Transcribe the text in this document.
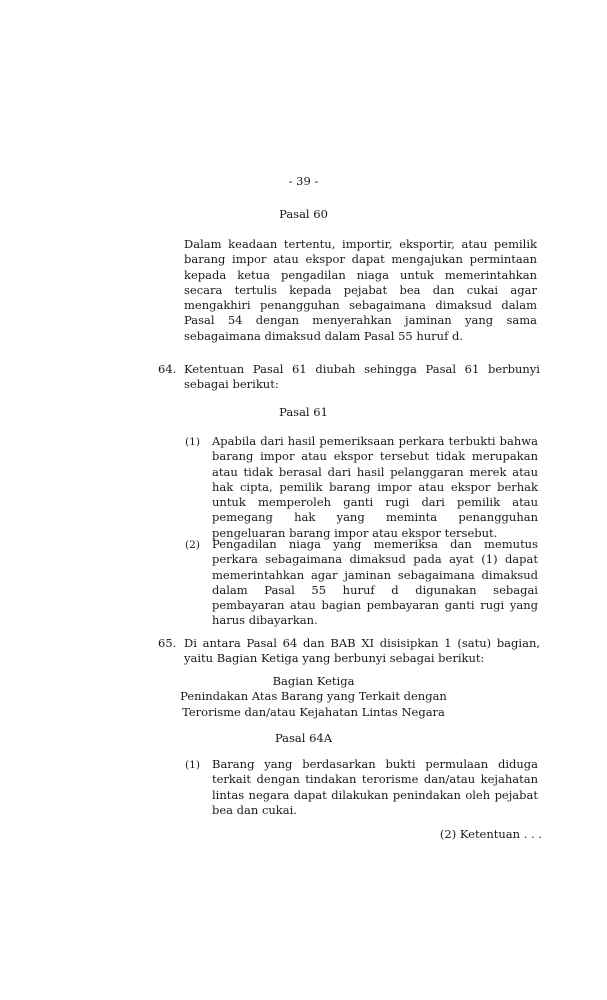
- 39 -
Pasal 60
Dalam keadaan tertentu, importir, eksportir, atau pemilik
barang impor atau ekspor dapat mengajukan permintaan
kepada ketua pengadilan niaga untuk memerintahkan
secara tertulis kepada pejabat bea dan cukai agar
mengakhiri penangguhan sebagaimana dimaksud dalam
Pasal 54 dengan menyerahkan jaminan yang sama
sebagaimana dimaksud dalam Pasal 55 huruf d.
64. Ketentuan Pasal 61 diubah sehingga Pasal 61 berbunyi
sebagai berikut:
Pasal 61
(1) Apabila dari hasil pemeriksaan perkara terbukti bahwa
barang impor atau ekspor tersebut tidak merupakan
atau tidak berasal dari hasil pelanggaran merek atau
hak cipta, pemilik barang impor atau ekspor berhak
untuk memperoleh ganti rugi dari pemilik atau
pemegang hak yang meminta penangguhan
pengeluaran barang impor atau ekspor tersebut.
(2) Pengadilan niaga yang memeriksa dan memutus
perkara sebagaimana dimaksud pada ayat (1) dapat
memerintahkan agar jaminan sebagaimana dimaksud
dalam Pasal 55 huruf d digunakan sebagai
pembayaran atau bagian pembayaran ganti rugi yang
harus dibayarkan.
65. Di antara Pasal 64 dan BAB XI disisipkan 1 (satu) bagian,
yaitu Bagian Ketiga yang berbunyi sebagai berikut:
Bagian Ketiga
Penindakan Atas Barang yang Terkait dengan
Terorisme dan/atau Kejahatan Lintas Negara
Pasal 64A
(1) Barang yang berdasarkan bukti permulaan diduga
terkait dengan tindakan terorisme dan/atau kejahatan
lintas negara dapat dilakukan penindakan oleh pejabat
bea dan cukai.
(2) Ketentuan . . .
